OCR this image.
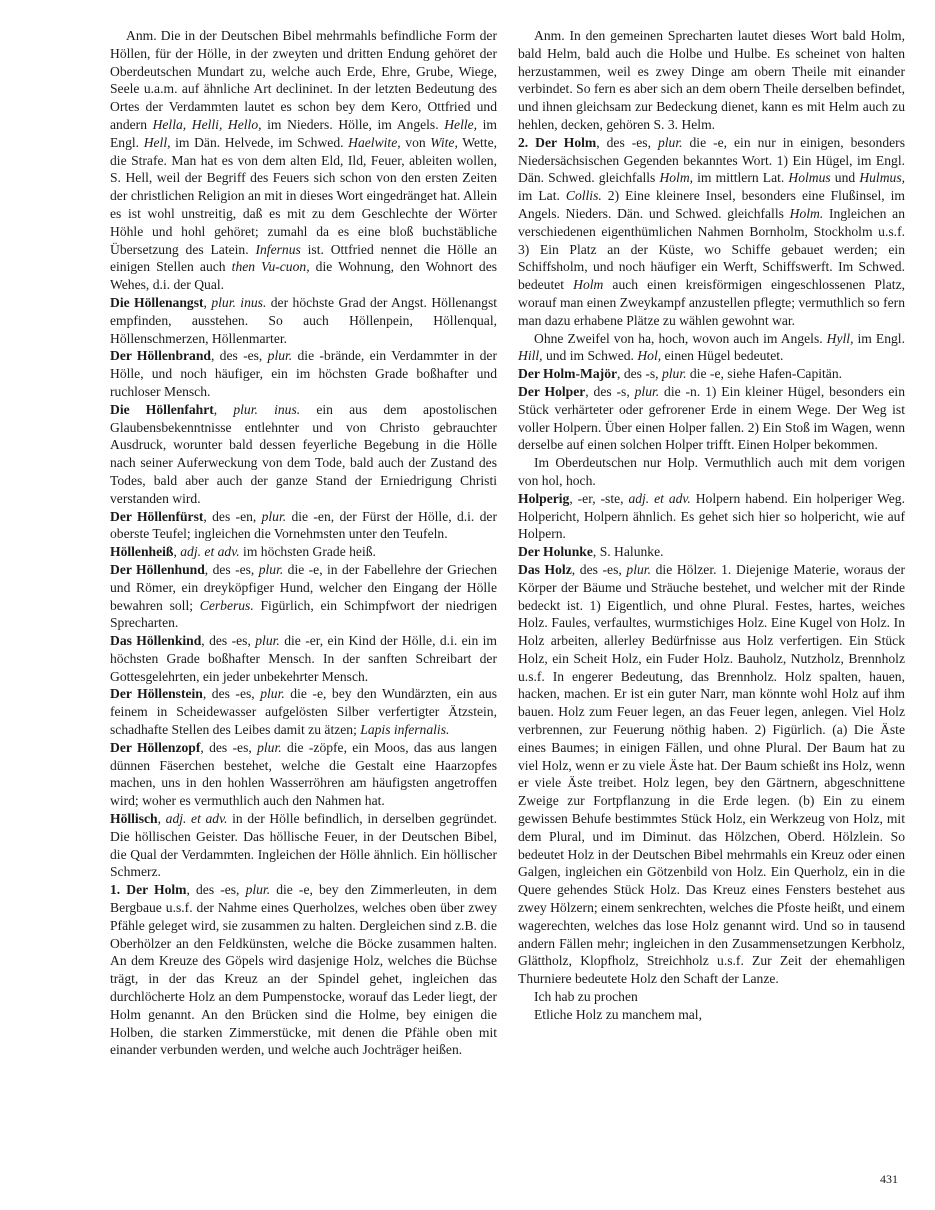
Anm. Die in der Deutschen Bibel mehrmahls befindliche Form der Höllen, für der Hölle, in der zweyten und dritten Endung gehöret der Oberdeutschen Mundart zu, welche auch Erde, Ehre, Grube, Wiege, Seele u.a.m. auf ähnliche Art declininet. In der letzten Bedeutung des Ortes der Verdammten lautet es schon bey dem Kero, Ottfried und andern Hella, Helli, Hello, im Nieders. Hölle, im Angels. Helle, im Engl. Hell, im Dän. Helvede, im Schwed. Haelwite, von Wite, Wette, die Strafe. Man hat es von dem alten Eld, Ild, Feuer, ableiten wollen, S. Hell, weil der Begriff des Feuers sich schon von den ersten Zeiten der christlichen Religion an mit in dieses Wort eingedränget hat. Allein es ist wohl unstreitig, daß es mit zu dem Geschlechte der Wörter Höhle und hohl gehöret; zumahl da es eine bloß buchstäbliche Übersetzung des Latein. Infernus ist. Ottfried nennet die Hölle an einigen Stellen auch then Vu-cuon, die Wohnung, den Wohnort des Wehes, d.i. der Qual.

Die Höllenangst, plur. inus. der höchste Grad der Angst. Höllenangst empfinden, ausstehen. So auch Höllenpein, Höllenqual, Höllenschmerzen, Höllenmarter.

Der Höllenbrand, des -es, plur. die -brände, ein Verdammter in der Hölle, und noch häufiger, ein im höchsten Grade boßhafter und ruchloser Mensch.

Die Höllenfahrt, plur. inus. ein aus dem apostolischen Glaubensbekenntnisse entlehnter und von Christo gebrauchter Ausdruck, worunter bald dessen feyerliche Begebung in die Hölle nach seiner Auferweckung von dem Tode, bald auch der Zustand des Todes, bald aber auch der ganze Stand der Erniedrigung Christi verstanden wird.

Der Höllenfürst, des -en, plur. die -en, der Fürst der Hölle, d.i. der oberste Teufel; ingleichen die Vornehmsten unter den Teufeln.

Höllenheiß, adj. et adv. im höchsten Grade heiß.

Der Höllenhund, des -es, plur. die -e, in der Fabellehre der Griechen und Römer, ein dreyköpfiger Hund, welcher den Eingang der Hölle bewahren soll; Cerberus. Figürlich, ein Schimpfwort der niedrigen Sprecharten.

Das Höllenkind, des -es, plur. die -er, ein Kind der Hölle, d.i. ein im höchsten Grade boßhafter Mensch. In der sanften Schreibart der Gottesgelehrten, ein jeder unbekehrter Mensch.

Der Höllenstein, des -es, plur. die -e, bey den Wundärzten, ein aus feinem in Scheidewasser aufgelösten Silber verfertigter Ätzstein, schadhafte Stellen des Leibes damit zu ätzen; Lapis infernalis.

Der Höllenzopf, des -es, plur. die -zöpfe, ein Moos, das aus langen dünnen Fäserchen bestehet, welche die Gestalt eine Haarzopfes machen, uns in den hohlen Wasserröhren am häufigsten angetroffen wird; woher es vermuthlich auch den Nahmen hat.

Höllisch, adj. et adv. in der Hölle befindlich, in derselben gegründet. Die höllischen Geister. Das höllische Feuer, in der Deutschen Bibel, die Qual der Verdammten. Ingleichen der Hölle ähnlich. Ein höllischer Schmerz.

1. Der Holm, des -es, plur. die -e, bey den Zimmerleuten, in dem Bergbaue u.s.f. der Nahme eines Querholzes, welches oben über zwey Pfähle geleget wird, sie zusammen zu halten. Dergleichen sind z.B. die Oberhölzer an den Feldkünsten, welche die Böcke zusammen halten. An dem Kreuze des Göpels wird dasjenige Holz, welches die Büchse trägt, in der das Kreuz an der Spindel gehet, ingleichen das durchlöcherte Holz an dem Pumpenstocke, worauf das Leder liegt, der Holm genannt. An den Brücken sind die Holme, bey einigen die Holben, die starken Zimmerstücke, mit denen die Pfähle oben mit einander verbunden werden, und welche auch Jochträger heißen.

Anm. In den gemeinen Sprecharten lautet dieses Wort bald Holm, bald Helm, bald auch die Holbe und Hulbe. Es scheinet von halten herzustammen, weil es zwey Dinge am obern Theile mit einander verbindet. So fern es aber sich an dem obern Theile derselben befindet, und ihnen gleichsam zur Bedeckung dienet, kann es mit Helm auch zu hehlen, decken, gehören S. 3. Helm.

2. Der Holm, des -es, plur. die -e, ein nur in einigen, besonders Niedersächsischen Gegenden bekanntes Wort. 1) Ein Hügel, im Engl. Dän. Schwed. gleichfalls Holm, im mittlern Lat. Holmus und Hulmus, im Lat. Collis. 2) Eine kleinere Insel, besonders eine Flußinsel, im Angels. Nieders. Dän. und Schwed. gleichfalls Holm. Ingleichen an verschiedenen eigenthümlichen Nahmen Bornholm, Stockholm u.s.f. 3) Ein Platz an der Küste, wo Schiffe gebauet werden; ein Schiffsholm, und noch häufiger ein Werft, Schiffswerft. Im Schwed. bedeutet Holm auch einen kreisförmigen eingeschlossenen Platz, worauf man einen Zweykampf anzustellen pflegte; vermuthlich so fern man dazu erhabene Plätze zu wählen gewohnt war.

Ohne Zweifel von ha, hoch, wovon auch im Angels. Hyll, im Engl. Hill, und im Schwed. Hol, einen Hügel bedeutet.

Der Holm-Majör, des -s, plur. die -e, siehe Hafen-Capitän.

Der Holper, des -s, plur. die -n. 1) Ein kleiner Hügel, besonders ein Stück verhärteter oder gefrorener Erde in einem Wege. Der Weg ist voller Holpern. Über einen Holper fallen. 2) Ein Stoß im Wagen, wenn derselbe auf einen solchen Holper trifft. Einen Holper bekommen.

Im Oberdeutschen nur Holp. Vermuthlich auch mit dem vorigen von hol, hoch.

Holperig, -er, -ste, adj. et adv. Holpern habend. Ein holperiger Weg. Holpericht, Holpern ähnlich. Es gehet sich hier so holpericht, wie auf Holpern.

Der Holunke, S. Halunke.

Das Holz, des -es, plur. die Hölzer. 1. Diejenige Materie, woraus der Körper der Bäume und Sträuche bestehet, und welcher mit der Rinde bedeckt ist. 1) Eigentlich, und ohne Plural. Festes, hartes, weiches Holz. Faules, verfaultes, wurmstichiges Holz. Eine Kugel von Holz. In Holz arbeiten, allerley Bedürfnisse aus Holz verfertigen. Ein Stück Holz, ein Scheit Holz, ein Fuder Holz. Bauholz, Nutzholz, Brennholz u.s.f. In engerer Bedeutung, das Brennholz. Holz spalten, hauen, hacken, machen. Er ist ein guter Narr, man könnte wohl Holz auf ihm bauen. Holz zum Feuer legen, an das Feuer legen, anlegen. Viel Holz verbrennen, zur Feuerung nöthig haben. 2) Figürlich. (a) Die Äste eines Baumes; in einigen Fällen, und ohne Plural. Der Baum hat zu viel Holz, wenn er zu viele Äste hat. Der Baum schießt ins Holz, wenn er viele Äste treibet. Holz legen, bey den Gärtnern, abgeschnittene Zweige zur Fortpflanzung in die Erde legen. (b) Ein zu einem gewissen Behufe bestimmtes Stück Holz, ein Werkzeug von Holz, mit dem Plural, und im Diminut. das Hölzchen, Oberd. Hölzlein. So bedeutet Holz in der Deutschen Bibel mehrmahls ein Kreuz oder einen Galgen, ingleichen ein Götzenbild von Holz. Ein Querholz, ein in die Quere gehendes Stück Holz. Das Kreuz eines Fensters bestehet aus zwey Hölzern; einem senkrechten, welches die Pfoste heißt, und einem wagerechten, welches das lose Holz genannt wird. Und so in tausend andern Fällen mehr; ingleichen in den Zusammensetzungen Kerbholz, Glättholz, Klopfholz, Streichholz u.s.f. Zur Zeit der ehemahligen Thurniere bedeutete Holz den Schaft der Lanze.

Ich hab zu prochen
Etliche Holz zu manchem mal,
431
